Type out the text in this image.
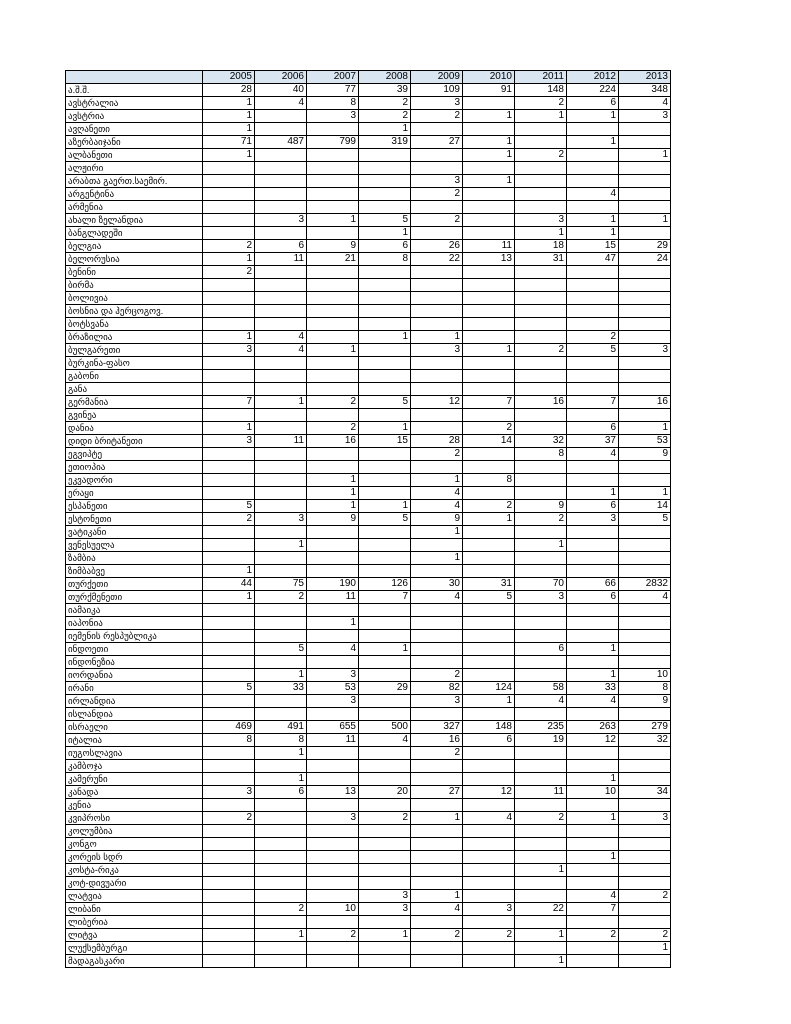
	2005	2006	2007	2008	2009	2010	2011	2012	2013
ა.შ.შ.	28	40	77	39	109	91	148	224	348
ავსტრალია	1	4	8	2	3		2	6	4
ავსტრია	1		3	2	2	1	1	1	3
ავღანეთი	1			1					
აზერბაიჯანი	71	487	799	319	27	1		1	
ალბანეთი	1					1	2		1
ალჟირი									
არაბთა გაერთ.საემირ.					3	1			
არგენტინა					2			4	
არმენია									
ახალი ზელანდია		3	1	5	2		3	1	1
ბანგლადეში				1			1	1	
ბელგია	2	6	9	6	26	11	18	15	29
ბელორუსია	1	11	21	8	22	13	31	47	24
ბენინი	2								
ბირმა									
ბოლივია									
ბოსნია და ჰერცოგოვ.									
ბოტსვანა									
ბრაზილია	1	4		1	1			2	
ბულგარეთი	3	4	1		3	1	2	5	3
ბურკინა-ფასო									
გაბონი									
განა									
გერმანია	7	1	2	5	12	7	16	7	16
გვინეა									
დანია	1		2	1		2		6	1
დიდი ბრიტანეთი	3	11	16	15	28	14	32	37	53
ეგვიპტე					2		8	4	9
ეთიოპია									
ეკვადორი			1		1	8			
ერაყი			1		4			1	1
ესპანეთი	5		1	1	4	2	9	6	14
ესტონეთი	2	3	9	5	9	1	2	3	5
ვატიკანი					1				
ვენესუელა		1					1		
ზამბია					1				
ზიმბაბვე	1								
თურქეთი	44	75	190	126	30	31	70	66	2832
თურქმენეთი	1	2	11	7	4	5	3	6	4
იამაიკა									
იაპონია			1						
იემენის რესპუბლიკა									
ინდოეთი		5	4	1			6	1	
ინდონეზია									
იორდანია		1	3		2			1	10
ირანი	5	33	53	29	82	124	58	33	8
ირლანდია			3		3	1	4	4	9
ისლანდია									
ისრაელი	469	491	655	500	327	148	235	263	279
იტალია	8	8	11	4	16	6	19	12	32
იუგოსლავია		1			2				
კამბოჯა									
კამერუნი		1						1	
კანადა	3	6	13	20	27	12	11	10	34
კენია									
კვიპროსი	2		3	2	1	4	2	1	3
კოლუმბია									
კონგო									
კორეის სდრ								1	
კოსტა-რიკა							1		
კოტ-დივუარი									
ლატვია				3	1			4	2
ლიბანი		2	10	3	4	3	22	7	
ლიბერია									
ლიტვა		1	2	1	2	2	1	2	2
ლუქსემბურგი									1
მადაგასკარი							1		
